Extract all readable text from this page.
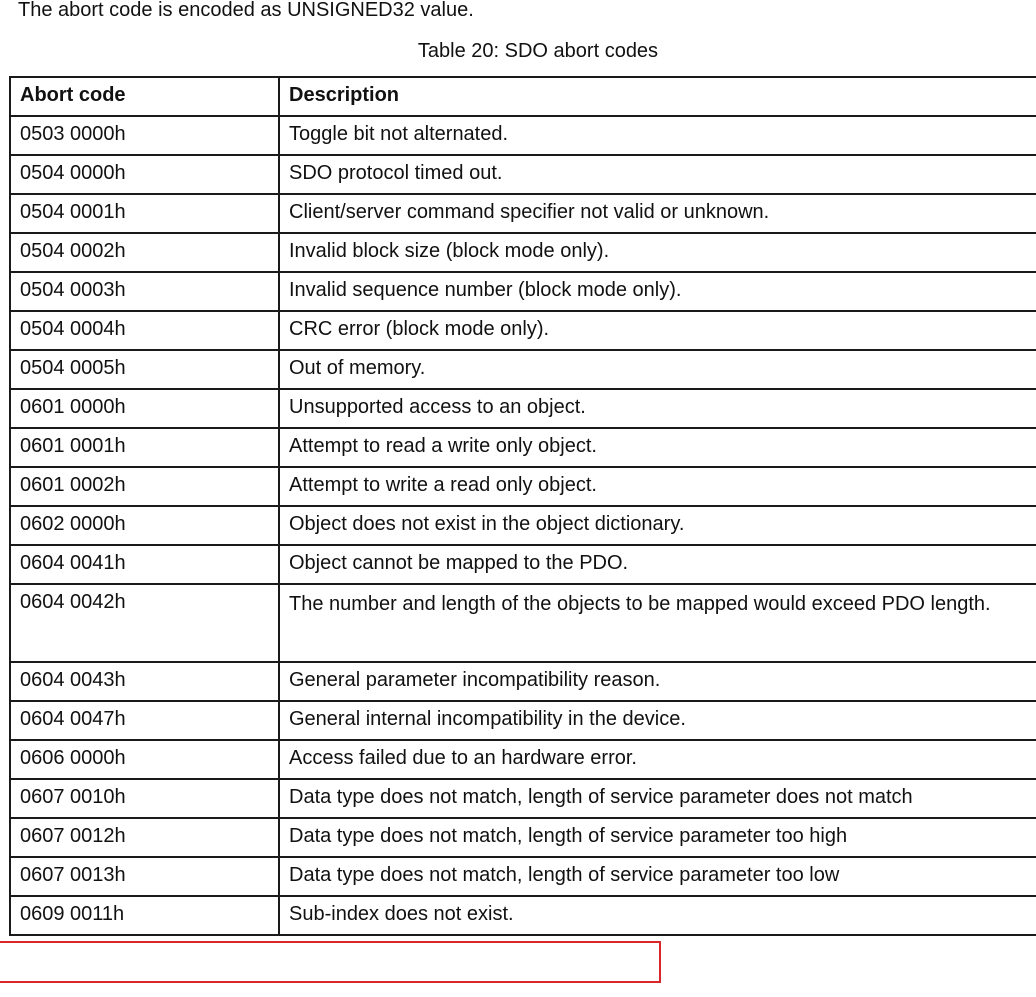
The abort code is encoded as UNSIGNED32 value.
Table 20: SDO abort codes
Abort code	Description
0503 0000h	Toggle bit not alternated.
0504 0000h	SDO protocol timed out.
0504 0001h	Client/server command specifier not valid or unknown.
0504 0002h	Invalid block size (block mode only).
0504 0003h	Invalid sequence number (block mode only).
0504 0004h	CRC error (block mode only).
0504 0005h	Out of memory.
0601 0000h	Unsupported access to an object.
0601 0001h	Attempt to read a write only object.
0601 0002h	Attempt to write a read only object.
0602 0000h	Object does not exist in the object dictionary.
0604 0041h	Object cannot be mapped to the PDO.
0604 0042h	The number and length of the objects to be mapped would exceed PDO length.
0604 0043h	General parameter incompatibility reason.
0604 0047h	General internal incompatibility in the device.
0606 0000h	Access failed due to an hardware error.
0607 0010h	Data type does not match, length of service parameter does not match
0607 0012h	Data type does not match, length of service parameter too high
0607 0013h	Data type does not match, length of service parameter too low
0609 0011h	Sub-index does not exist.
